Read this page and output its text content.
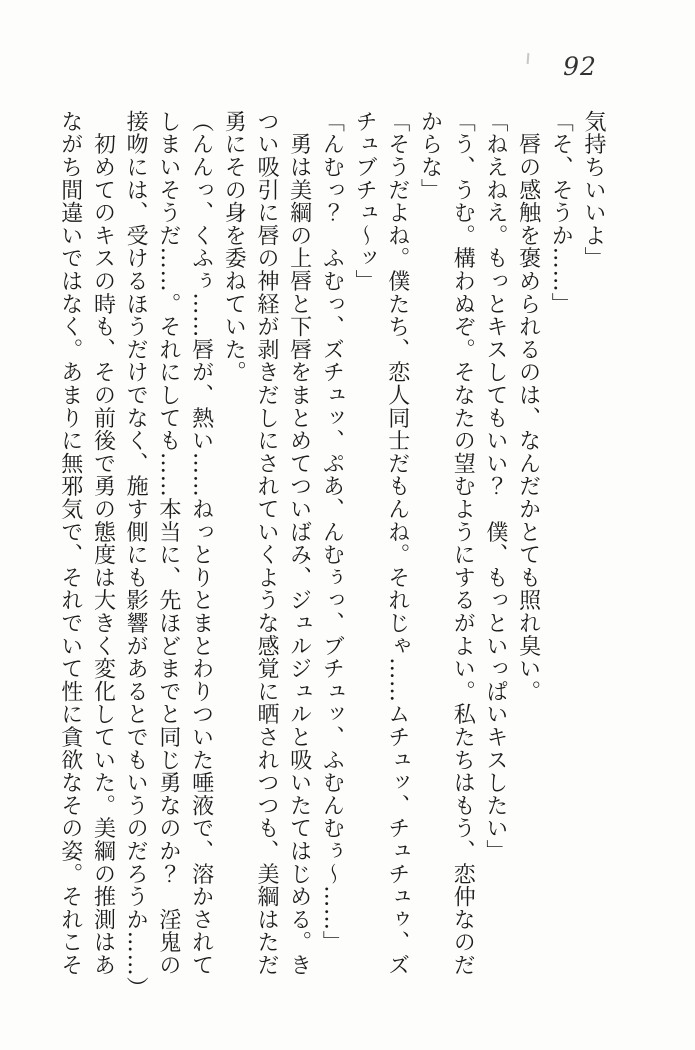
92
気持ちいいよ」
「そ、そうか……」
　唇の感触を褒められるのは、なんだかとても照れ臭い。
「ねえねえ。もっとキスしてもいい？　僕、もっといっぱいキスしたい」
「う、うむ。構わぬぞ。そなたの望むようにするがよい。私たちはもう、恋仲なのだ
からな」
「そうだよね。僕たち、恋人同士だもんね。それじゃ……ムチュッ、チュチュゥ、ズ
チュブチュ〜ッ」
「んむっ？　ふむっ、ズチュッ、ぷあ、んむぅっ、ブチュッ、ふむんむぅ〜……」
　勇は美綱の上唇と下唇をまとめてついばみ、ジュルジュルと吸いたてはじめる。き
つい吸引に唇の神経が剥きだしにされていくような感覚に晒されつつも、美綱はただ
勇にその身を委ねていた。
（んんっ、くふぅ……唇が、熱い……ねっとりとまとわりついた唾液で、溶かされて
しまいそうだ……。それにしても……本当に、先ほどまでと同じ勇なのか？　淫鬼の
接吻には、受けるほうだけでなく、施す側にも影響があるとでもいうのだろうか……）
　初めてのキスの時も、その前後で勇の態度は大きく変化していた。美綱の推測はあ
ながち間違いではなく。あまりに無邪気で、それでいて性に貪欲なその姿。それこそ
